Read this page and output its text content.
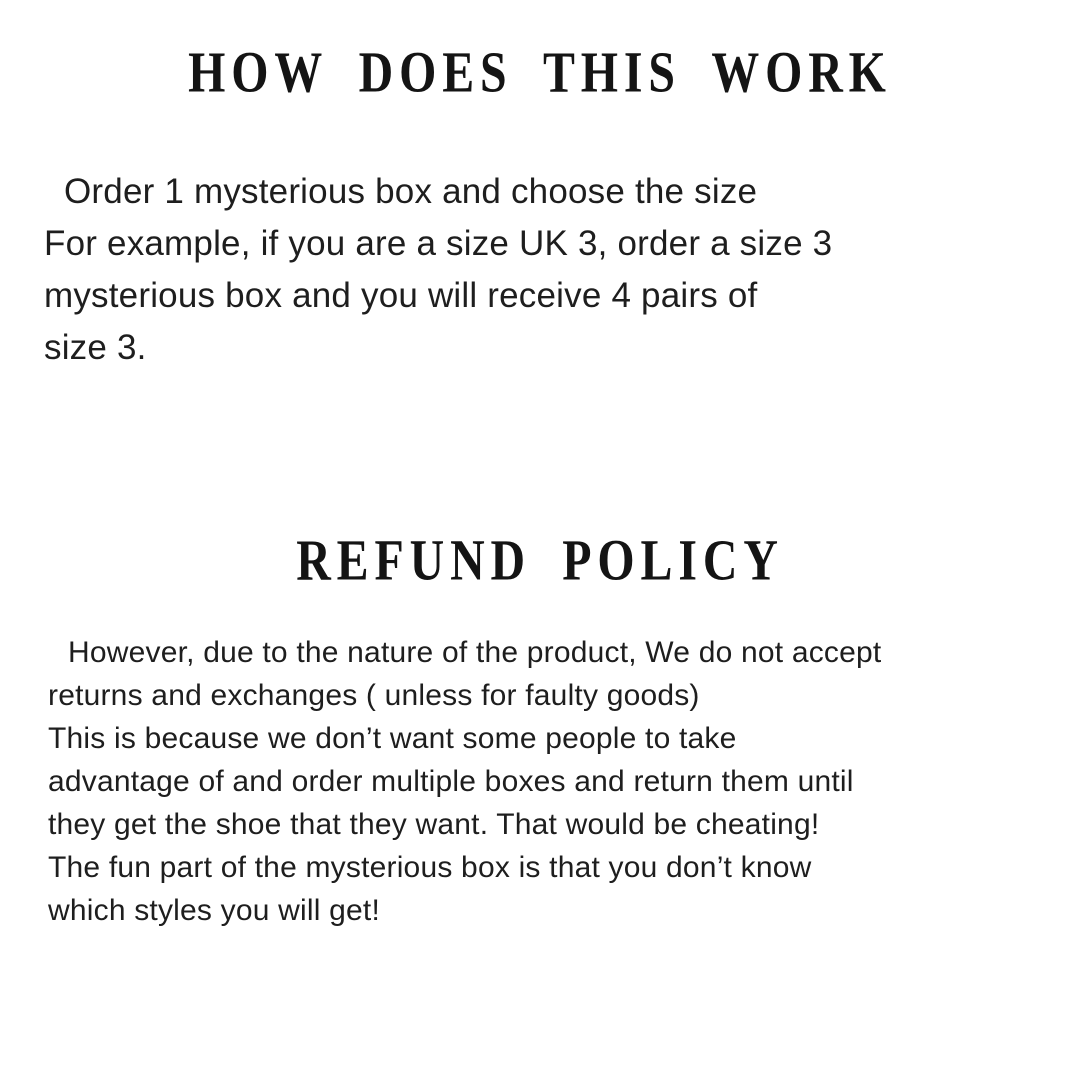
HOW DOES THIS WORK
Order 1 mysterious box and choose the size
For example, if you are a size UK 3, order a size 3
mysterious box and you will receive 4 pairs of
size 3.
REFUND POLICY
However, due to the nature of the product, We do not accept
returns and exchanges ( unless for faulty goods)
This is because we don’t want some people to take
advantage of and order multiple boxes and return them until
they get the shoe that they want. That would be cheating!
The fun part of the mysterious box is that you don’t know
which styles you will get!
